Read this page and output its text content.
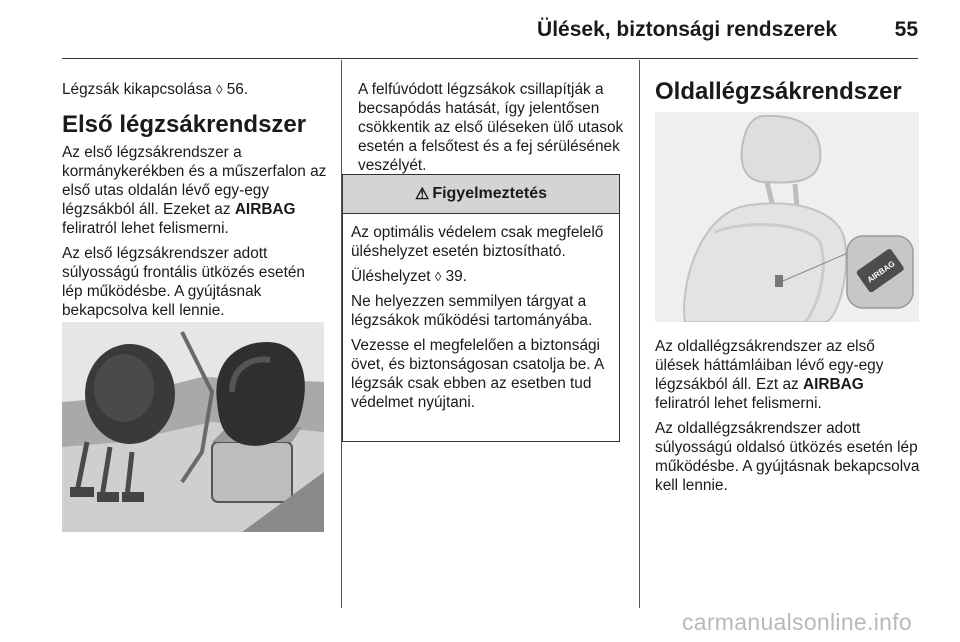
Ülések, biztonsági rendszerek	55

Légzsák kikapcsolása ◊ 56.

Első légzsákrendszer

Az első légzsákrendszer a kormánykerékben és a műszerfalon az első utas oldalán lévő egy-egy légzsákból áll. Ezeket az AIRBAG feliratról lehet felismerni.

Az első légzsákrendszer adott súlyosságú frontális ütközés esetén lép működésbe. A gyújtásnak bekapcsolva kell lennie.

A felfúvódott légzsákok csillapítják a becsapódás hatását, így jelentősen csökkentik az első üléseken ülő utasok esetén a felsőtest és a fej sérülésének veszélyét.

⚠ Figyelmeztetés

Az optimális védelem csak megfelelő üléshelyzet esetén biztosítható.

Üléshelyzet ◊ 39.

Ne helyezzen semmilyen tárgyat a légzsákok működési tartományába.

Vezesse el megfelelően a biztonsági övet, és biztonságosan csatolja be. A légzsák csak ebben az esetben tud védelmet nyújtani.

Oldallégzsákrendszer
AIRBAG

Az oldallégzsákrendszer az első ülések háttámláiban lévő egy-egy légzsákból áll. Ezt az AIRBAG feliratról lehet felismerni.

Az oldallégzsákrendszer adott súlyosságú oldalsó ütközés esetén lép működésbe. A gyújtásnak bekapcsolva kell lennie.

carmanualsonline.info
